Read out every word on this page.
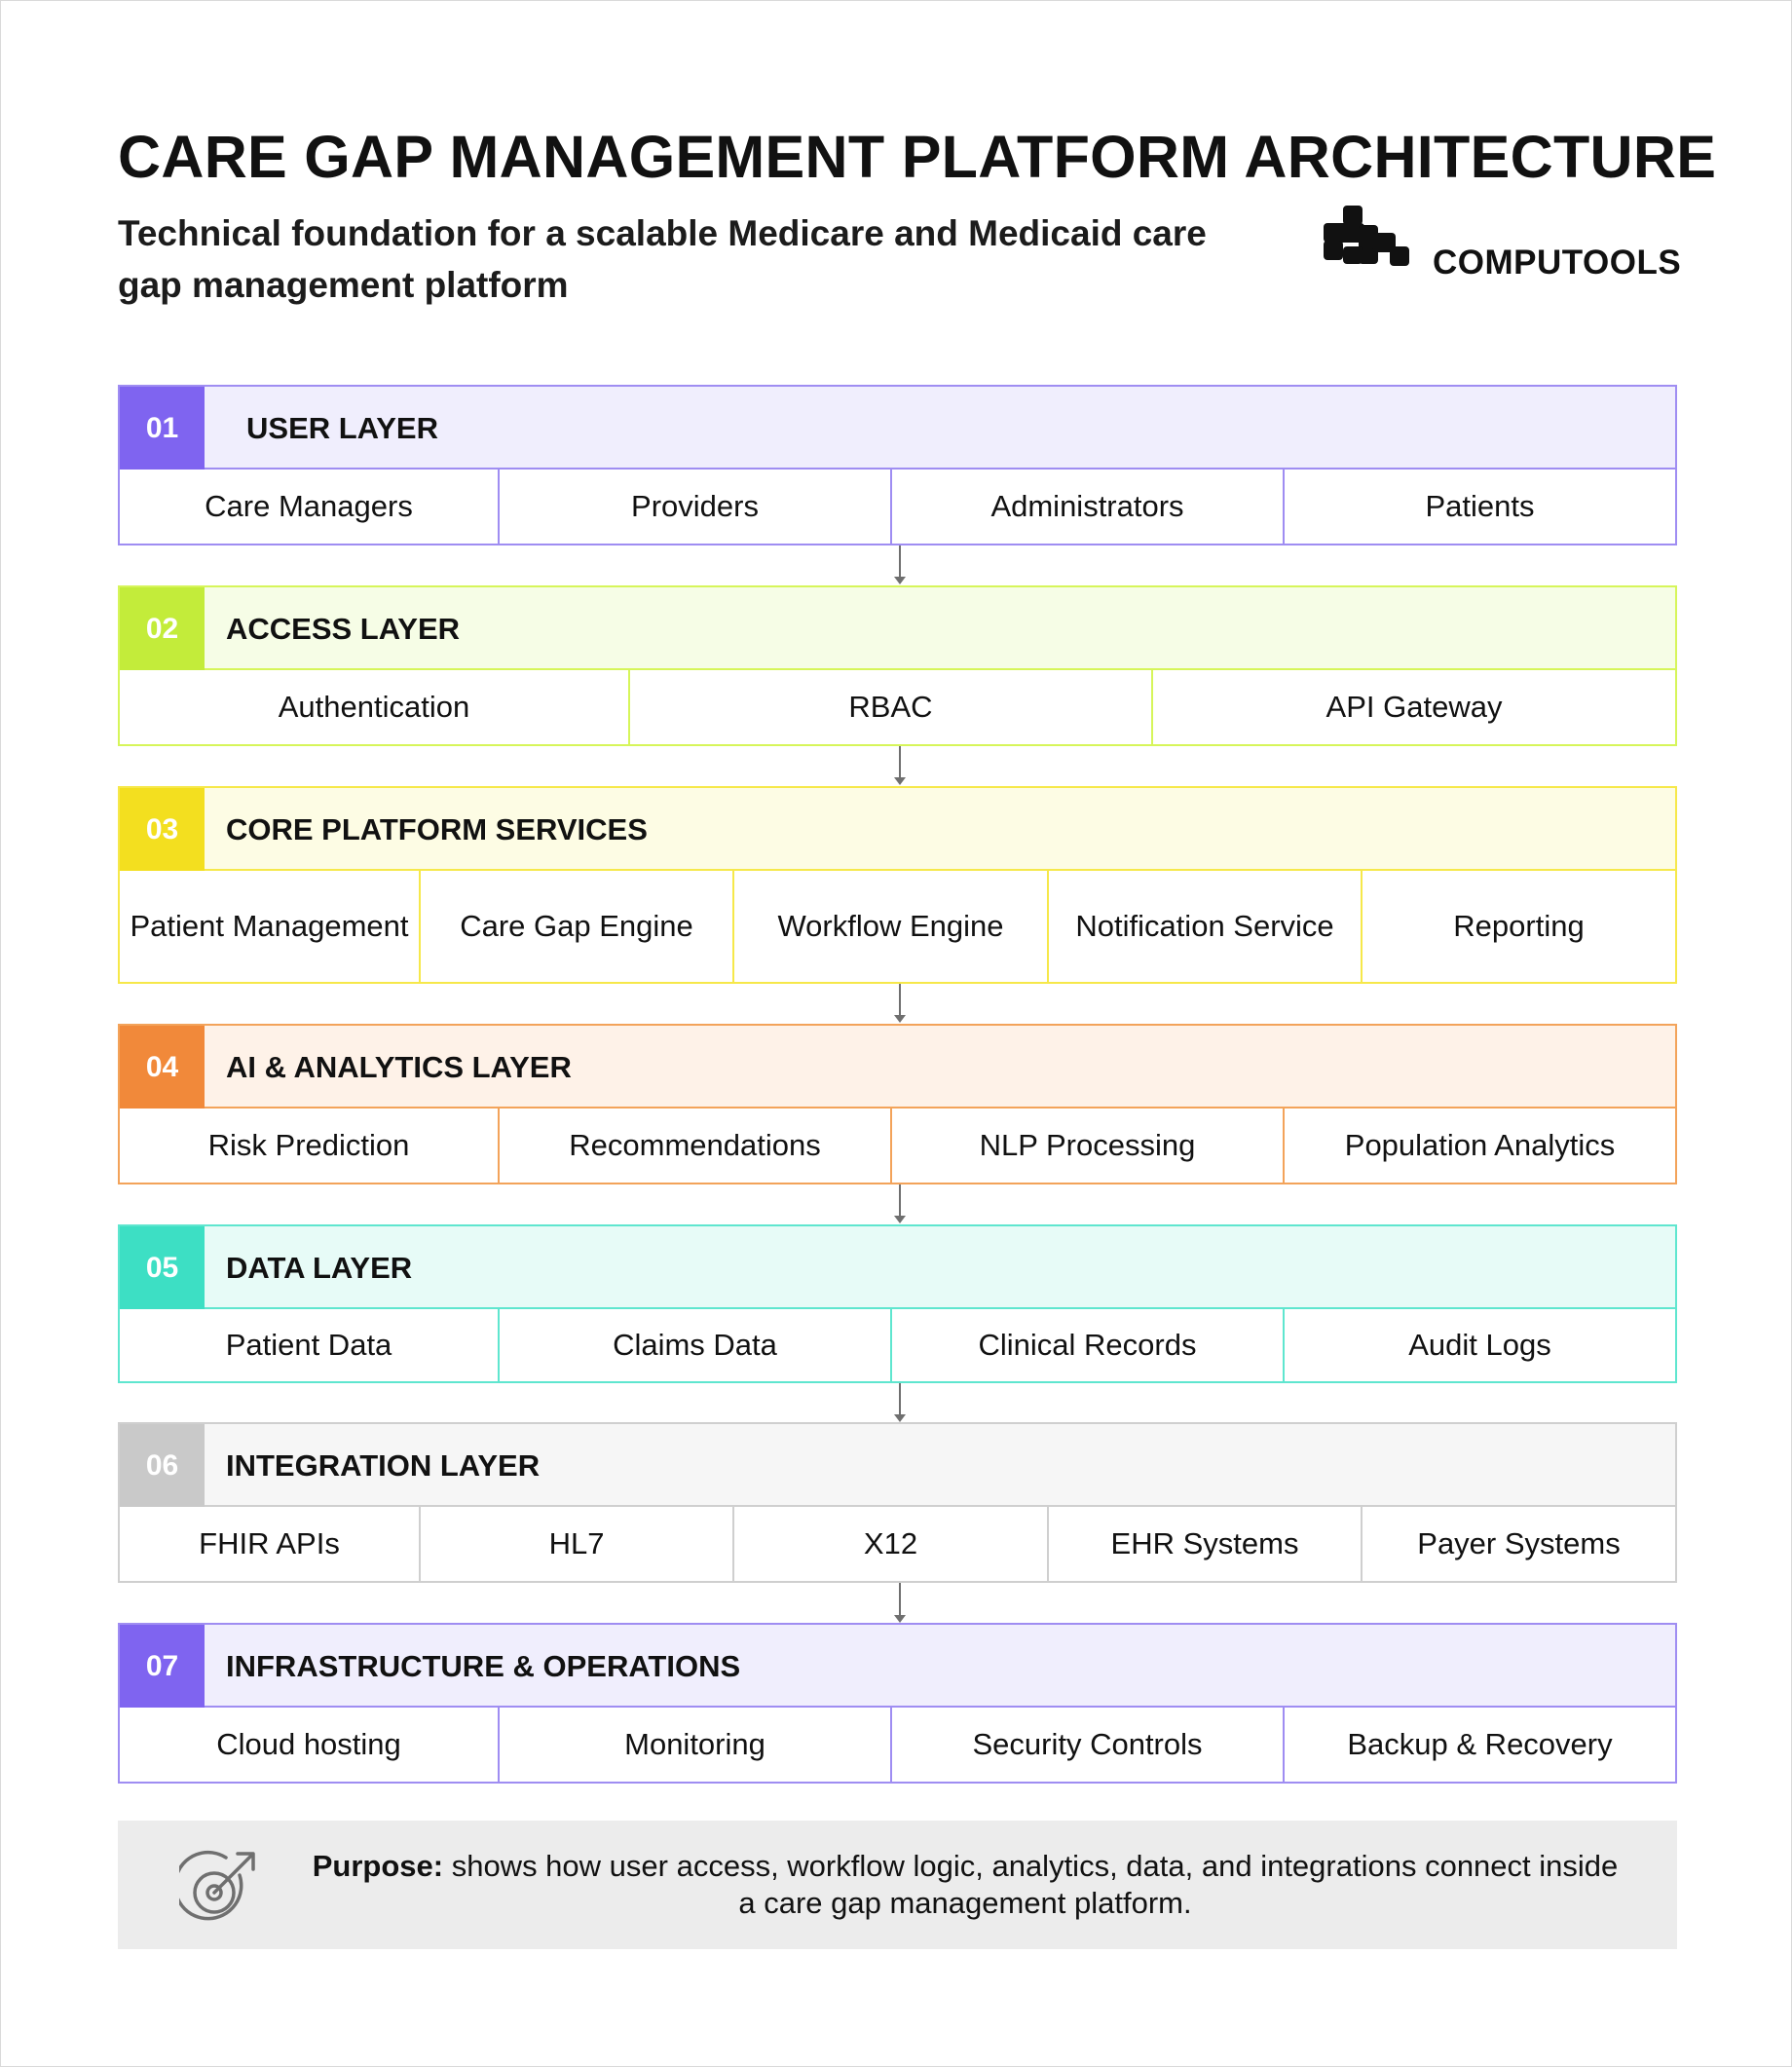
CARE GAP MANAGEMENT PLATFORM ARCHITECTURE
Technical foundation for a scalable Medicare and Medicaid care gap management platform
COMPUTOOLS
01	USER LAYER
Care Managers	Providers	Administrators	Patients
02	ACCESS LAYER
Authentication	RBAC	API Gateway
03	CORE PLATFORM SERVICES
Patient Management	Care Gap Engine	Workflow Engine	Notification Service	Reporting
04	AI & ANALYTICS LAYER
Risk Prediction	Recommendations	NLP Processing	Population Analytics
05	DATA LAYER
Patient Data	Claims Data	Clinical Records	Audit Logs
06	INTEGRATION LAYER
FHIR APIs	HL7	X12	EHR Systems	Payer Systems
07	INFRASTRUCTURE & OPERATIONS
Cloud hosting	Monitoring	Security Controls	Backup & Recovery
Purpose: shows how user access, workflow logic, analytics, data, and integrations connect inside a care gap management platform.
